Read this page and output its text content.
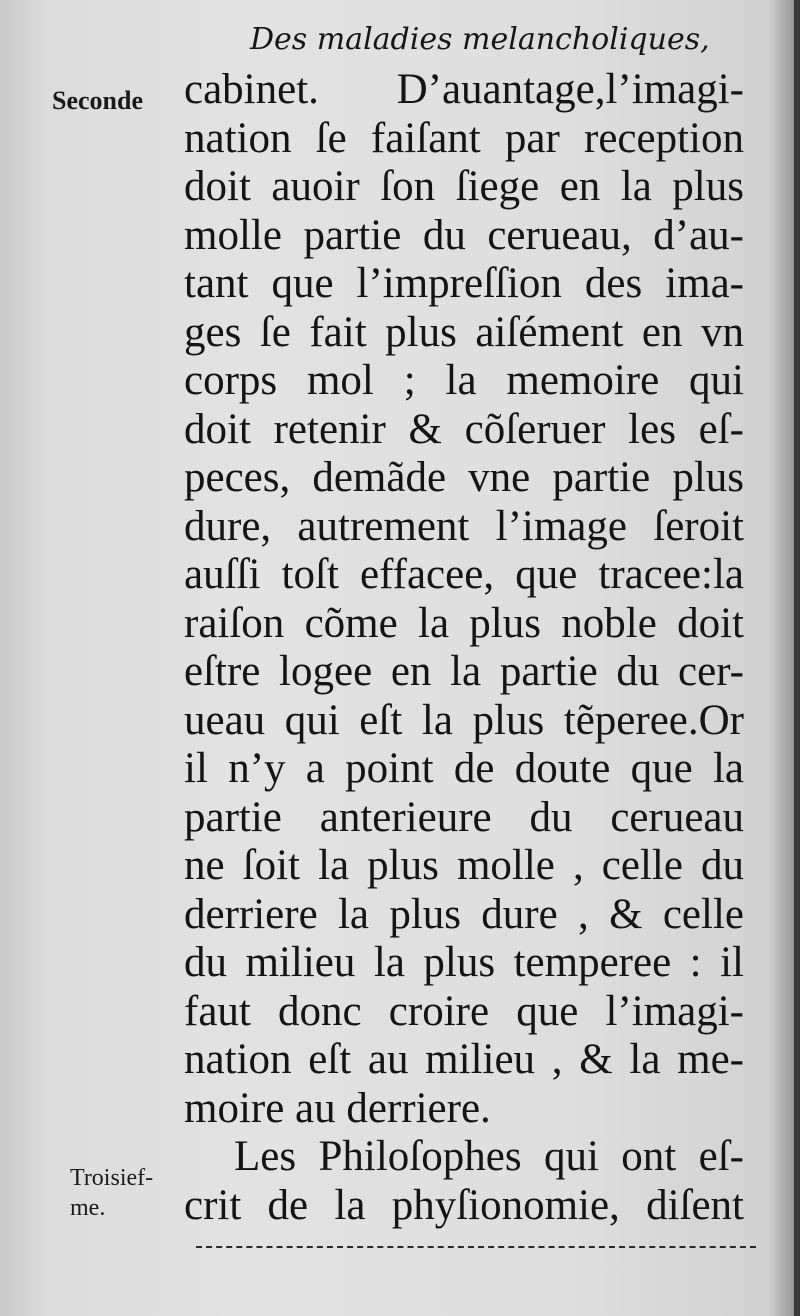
Des maladies melancholiques,
Seconde
Troisief-
me.
cabinet. D’auantage,l’imagi-
nation ſe faiſant par reception
doit auoir ſon ſiege en la plus
molle partie du cerueau, d’au-
tant que l’impreſſion des ima-
ges ſe fait plus aiſément en vn
corps mol ; la memoire qui
doit retenir & cõſeruer les eſ-
peces, demãde vne partie plus
dure, autrement l’image ſeroit
auſſi toſt effacee, que tracee:la
raiſon cõme la plus noble doit
eſtre logee en la partie du cer-
ueau qui eſt la plus tẽperee.Or
il n’y a point de doute que la
partie anterieure du cerueau
ne ſoit la plus molle , celle du
derriere la plus dure , & celle
du milieu la plus temperee : il
faut donc croire que l’imagi-
nation eſt au milieu , & la me-
moire au derriere.
Les Philoſophes qui ont eſ-
crit de la phyſionomie, diſent
